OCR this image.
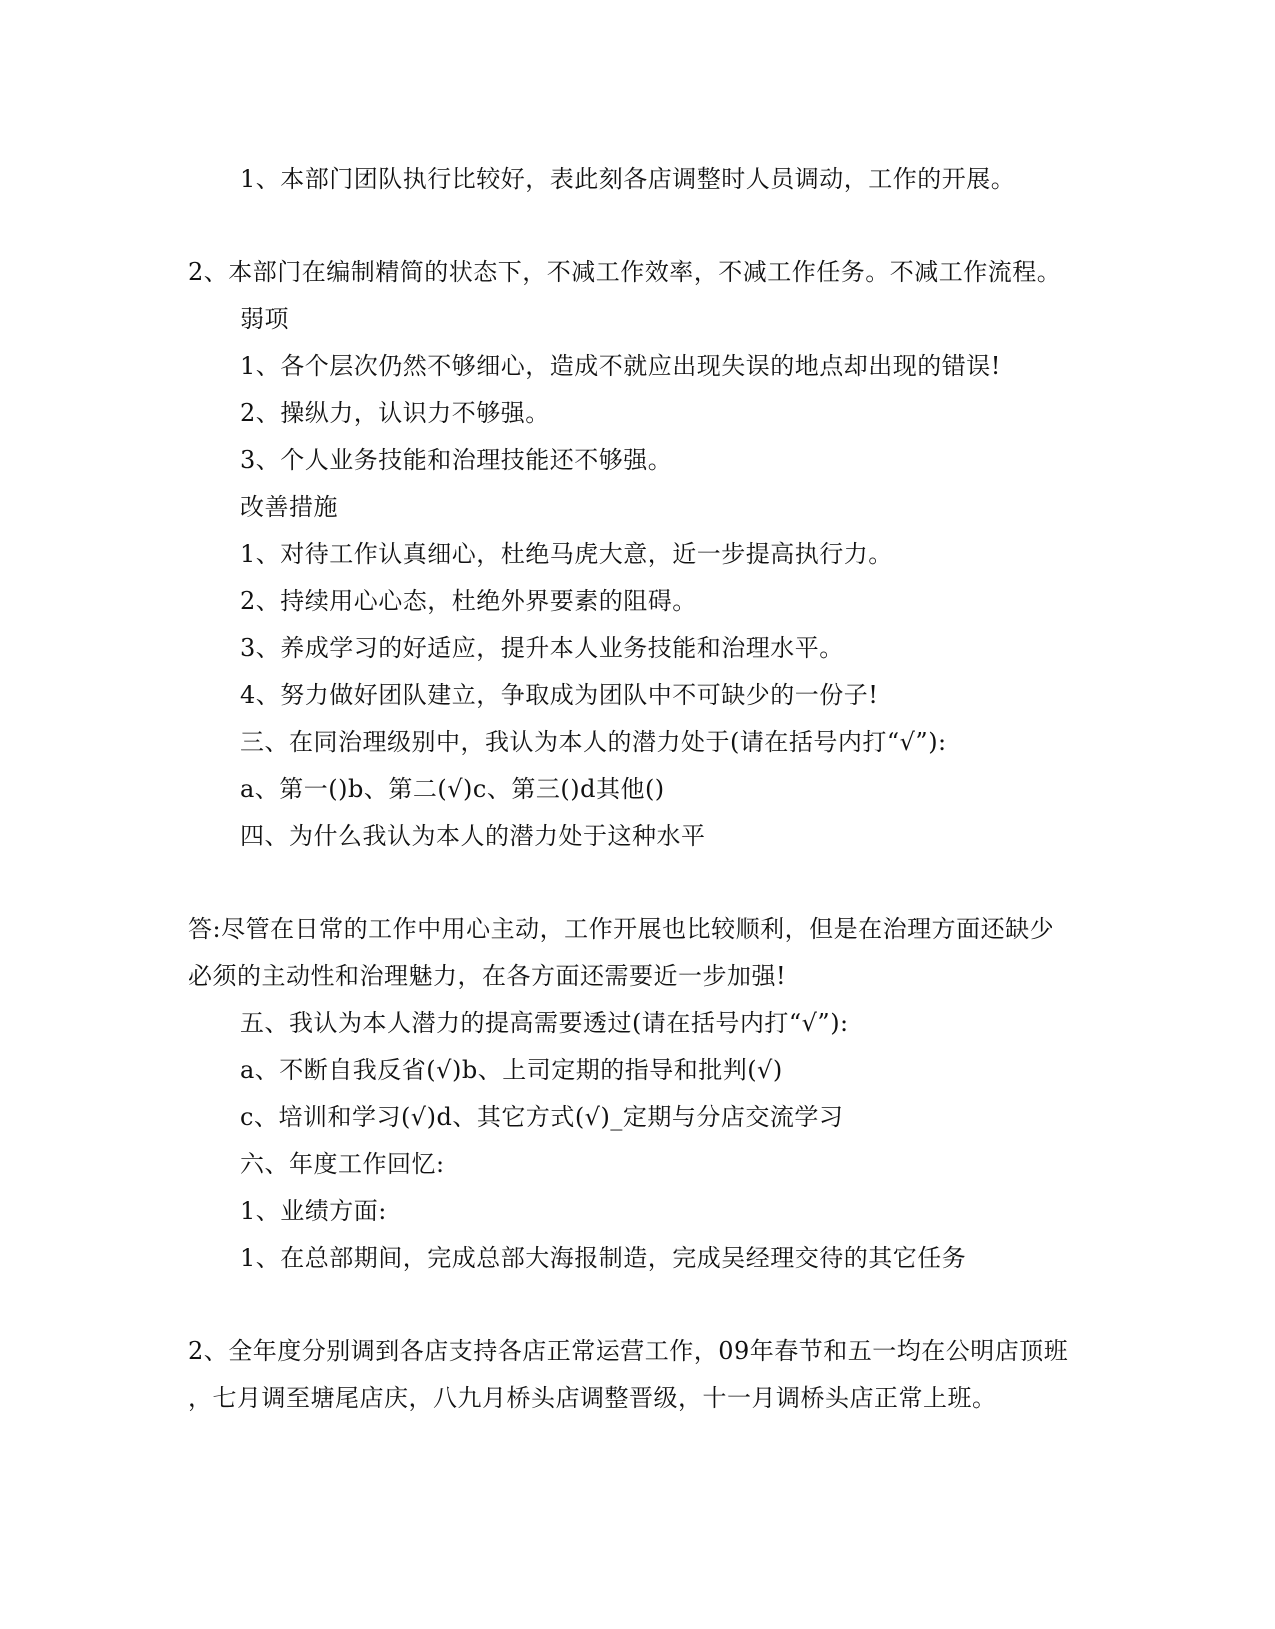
1、本部门团队执行比较好，表此刻各店调整时人员调动，工作的开展。

2、本部门在编制精简的状态下，不减工作效率，不减工作任务。不减工作流程。

弱项

1、各个层次仍然不够细心，造成不就应出现失误的地点却出现的错误!

2、操纵力，认识力不够强。

3、个人业务技能和治理技能还不够强。

改善措施

1、对待工作认真细心，杜绝马虎大意，近一步提高执行力。

2、持续用心心态，杜绝外界要素的阻碍。

3、养成学习的好适应，提升本人业务技能和治理水平。

4、努力做好团队建立，争取成为团队中不可缺少的一份子!

三、在同治理级别中，我认为本人的潜力处于(请在括号内打“√”):

a、第一()b、第二(√)c、第三()d其他()

四、为什么我认为本人的潜力处于这种水平

答:尽管在日常的工作中用心主动，工作开展也比较顺利，但是在治理方面还缺少

必须的主动性和治理魅力，在各方面还需要近一步加强!

五、我认为本人潜力的提高需要透过(请在括号内打“√”):

a、不断自我反省(√)b、上司定期的指导和批判(√)

c、培训和学习(√)d、其它方式(√)_定期与分店交流学习

六、年度工作回忆:

1、业绩方面:

1、在总部期间，完成总部大海报制造，完成吴经理交待的其它任务

2、全年度分别调到各店支持各店正常运营工作，09年春节和五一均在公明店顶班

，七月调至塘尾店庆，八九月桥头店调整晋级，十一月调桥头店正常上班。
